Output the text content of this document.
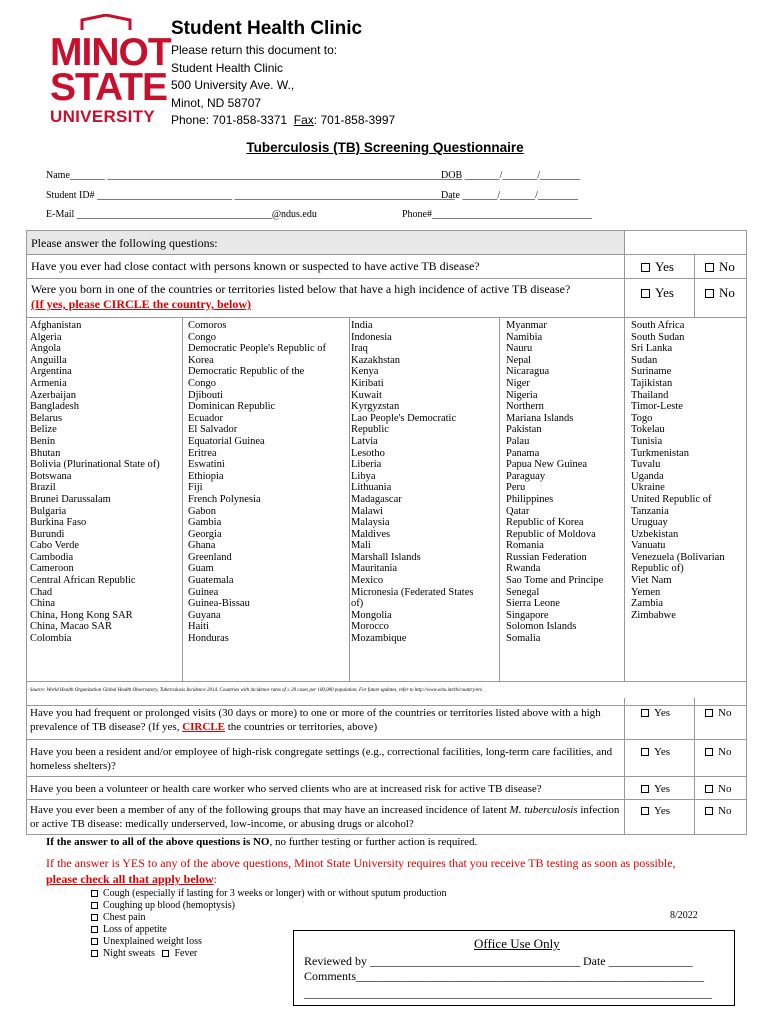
MINOT
STATE
UNIVERSITY
Student Health Clinic
Please return this document to:
Student Health Clinic
500 University Ave. W.,
Minot, ND 58707
Phone: 701-858-3371 Fax: 701-858-3997
Tuberculosis (TB) Screening Questionnaire
Name_______ _______________________________________________________________________
DOB _______/_______/________
Student ID# ___________________________ ____________________________________________
Date _______/_______/________
E-Mail _______________________________________@ndus.edu	Phone#________________________________
Please answer the following questions:
Have you ever had close contact with persons known or suspected to have active TB disease?	Yes	No
Were you born in one of the countries or territories listed below that have a high incidence of active TB disease?
(If yes, please CIRCLE the country, below)
Yes	No
Afghanistan
Algeria
Angola
Anguilla
Argentina
Armenia
Azerbaijan
Bangladesh
Belarus
Belize
Benin
Bhutan
Bolivia (Plurinational State of)
Botswana
Brazil
Brunei Darussalam
Bulgaria
Burkina Faso
Burundi
Cabo Verde
Cambodia
Cameroon
Central African Republic
Chad
China
China, Hong Kong SAR
China, Macao SAR
Colombia
Comoros
Congo
Democratic People's Republic of
Korea
Democratic Republic of the
Congo
Djibouti
Dominican Republic
Ecuador
El Salvador
Equatorial Guinea
Eritrea
Eswatini
Ethiopia
Fiji
French Polynesia
Gabon
Gambia
Georgia
Ghana
Greenland
Guam
Guatemala
Guinea
Guinea-Bissau
Guyana
Haiti
Honduras
India
Indonesia
Iraq
Kazakhstan
Kenya
Kiribati
Kuwait
Kyrgyzstan
Lao People's Democratic
Republic
Latvia
Lesotho
Liberia
Libya
Lithuania
Madagascar
Malawi
Malaysia
Maldives
Mali
Marshall Islands
Mauritania
Mexico
Micronesia (Federated States
of)
Mongolia
Morocco
Mozambique
Myanmar
Namibia
Nauru
Nepal
Nicaragua
Niger
Nigeria
Northern
Mariana Islands
Pakistan
Palau
Panama
Papua New Guinea
Paraguay
Peru
Philippines
Qatar
Republic of Korea
Republic of Moldova
Romania
Russian Federation
Rwanda
Sao Tome and Principe
Senegal
Sierra Leone
Singapore
Solomon Islands
Somalia
South Africa
South Sudan
Sri Lanka
Sudan
Suriname
Tajikistan
Thailand
Timor-Leste
Togo
Tokelau
Tunisia
Turkmenistan
Tuvalu
Uganda
Ukraine
United Republic of
Tanzania
Uruguay
Uzbekistan
Vanuatu
Venezuela (Bolivarian
Republic of)
Viet Nam
Yemen
Zambia
Zimbabwe
Source: World Health Organization Global Health Observatory, Tuberculosis Incidence 2014. Countries with incidence rates of ≥ 20 cases per 100,000 population. For future updates, refer to http://www.who.int/tb/country/en/.
Have you had frequent or prolonged visits (30 days or more) to one or more of the countries or territories listed above with a high prevalence of TB disease? (If yes, CIRCLE the countries or territories, above)
Yes	No
Have you been a resident and/or employee of high-risk congregate settings (e.g., correctional facilities, long-term care facilities, and homeless shelters)?
Yes	No
Have you been a volunteer or health care worker who served clients who are at increased risk for active TB disease?	Yes	No
Have you ever been a member of any of the following groups that may have an increased incidence of latent M. tuberculosis infection or active TB disease: medically underserved, low-income, or abusing drugs or alcohol?
Yes	No
If the answer to all of the above questions is NO, no further testing or further action is required.
If the answer is YES to any of the above questions, Minot State University requires that you receive TB testing as soon as possible,
please check all that apply below:
Cough (especially if lasting for 3 weeks or longer) with or without sputum production
Coughing up blood (hemoptysis)
Chest pain
Loss of appetite
Unexplained weight loss
Night sweats Fever
8/2022
Office Use Only
Reviewed by ___________________________________ Date ______________
Comments__________________________________________________________
____________________________________________________________________
